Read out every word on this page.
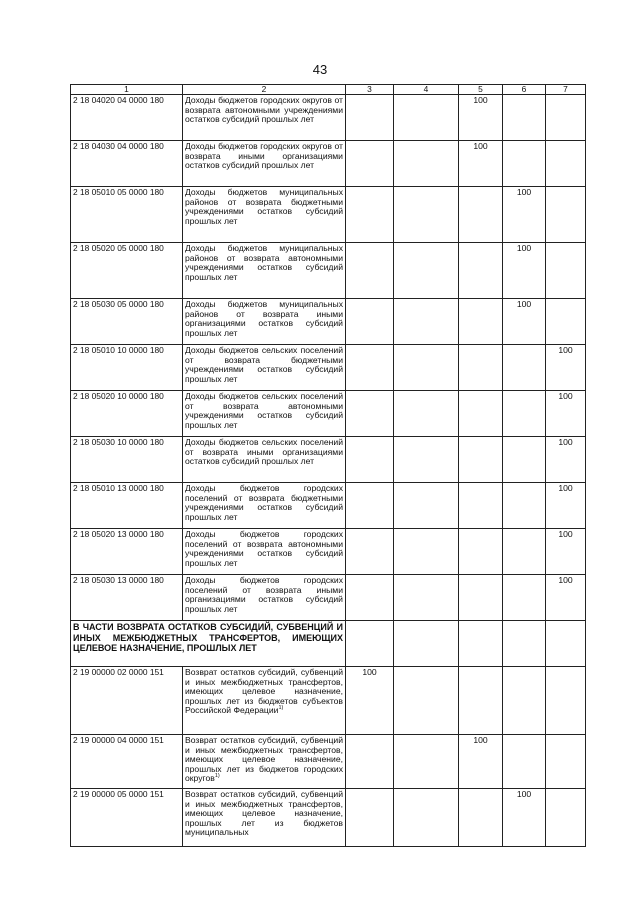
43
1	2	3	4	5	6	7
2 18 04020 04 0000 180	Доходы бюджетов городских округов от возврата автономными учреждениями остатков субсидий прошлых лет			100		
2 18 04030 04 0000 180	Доходы бюджетов городских округов от возврата иными организациями остатков субсидий прошлых лет			100		
2 18 05010 05 0000 180	Доходы бюджетов муниципальных районов от возврата бюджетными учреждениями остатков субсидий прошлых лет				100	
2 18 05020 05 0000 180	Доходы бюджетов муниципальных районов от возврата автономными учреждениями остатков субсидий прошлых лет				100	
2 18 05030 05 0000 180	Доходы бюджетов муниципальных районов от возврата иными организациями остатков субсидий прошлых лет				100	
2 18 05010 10 0000 180	Доходы бюджетов сельских поселений от возврата бюджетными учреждениями остатков субсидий прошлых лет					100
2 18 05020 10 0000 180	Доходы бюджетов сельских поселений от возврата автономными учреждениями остатков субсидий прошлых лет					100
2 18 05030 10 0000 180	Доходы бюджетов сельских поселений от возврата иными организациями остатков субсидий прошлых лет					100
2 18 05010 13 0000 180	Доходы бюджетов городских поселений от возврата бюджетными учреждениями остатков субсидий прошлых лет					100
2 18 05020 13 0000 180	Доходы бюджетов городских поселений от возврата автономными учреждениями остатков субсидий прошлых лет					100
2 18 05030 13 0000 180	Доходы бюджетов городских поселений от возврата иными организациями остатков субсидий прошлых лет					100
В ЧАСТИ ВОЗВРАТА ОСТАТКОВ СУБСИДИЙ, СУБВЕНЦИЙ И ИНЫХ МЕЖБЮДЖЕТНЫХ ТРАНСФЕРТОВ, ИМЕЮЩИХ ЦЕЛЕВОЕ НАЗНАЧЕНИЕ, ПРОШЛЫХ ЛЕТ						
2 19 00000 02 0000 151	Возврат остатков субсидий, субвенций и иных межбюджетных трансфертов, имеющих целевое назначение, прошлых лет из бюджетов субъектов Российской Федерации$^{1)}$	100				
2 19 00000 04 0000 151	Возврат остатков субсидий, субвенций и иных межбюджетных трансфертов, имеющих целевое назначение, прошлых лет из бюджетов городских округов$^{1)}$			100		
2 19 00000 05 0000 151	Возврат остатков субсидий, субвенций и иных межбюджетных трансфертов, имеющих целевое назначение, прошлых лет из бюджетов муниципальных				100	
